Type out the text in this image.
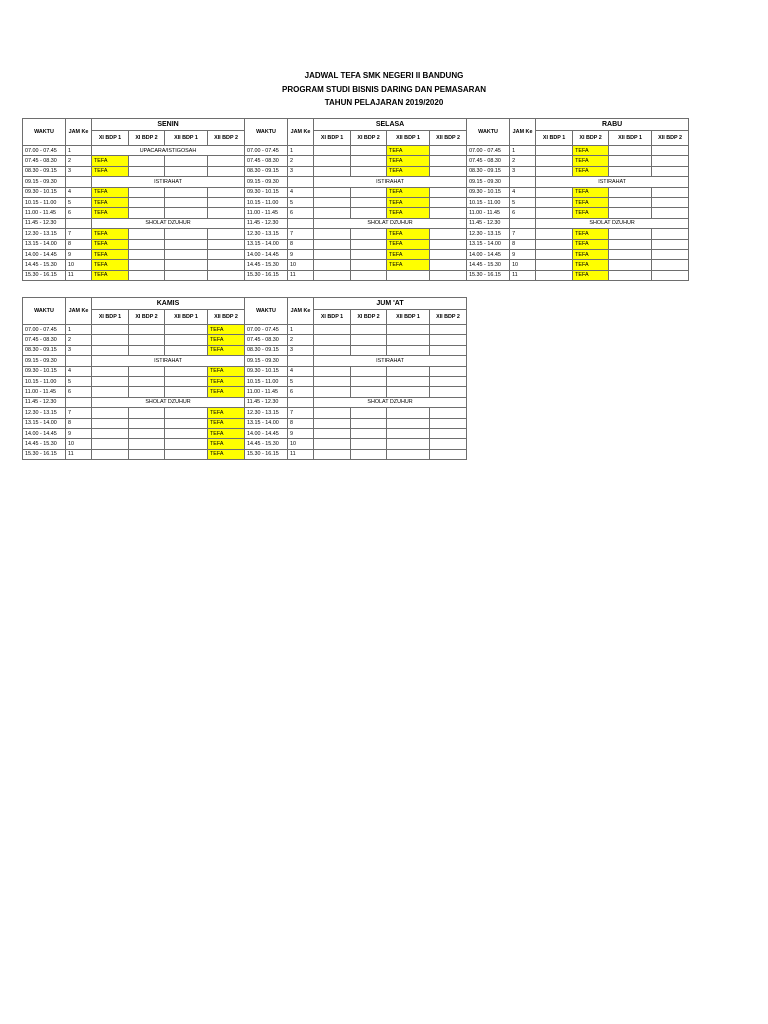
JADWAL TEFA SMK NEGERI II BANDUNG
PROGRAM STUDI BISNIS DARING DAN PEMASARAN
TAHUN PELAJARAN 2019/2020
WAKTU	JAM Ke	SENIN				WAKTU	JAM Ke	SELASA				WAKTU	JAM Ke	RABU			
		XI BDP 1	XI BDP 2	XII BDP 1	XII BDP 2			XI BDP 1	XI BDP 2	XII BDP 1	XII BDP 2			XI BDP 1	XI BDP 2	XII BDP 1	XII BDP 2
07.00 - 07.45	1	UPACARA/ISTIGOSAH				07.00 - 07.45	1			TEFA		07.00 - 07.45	1		TEFA		
07.45 - 08.30	2	TEFA				07.45 - 08.30	2			TEFA		07.45 - 08.30	2		TEFA		
08.30 - 09.15	3	TEFA				08.30 - 09.15	3			TEFA		08.30 - 09.15	3		TEFA		
09.15 - 09.30		ISTIRAHAT				09.15 - 09.30		ISTIRAHAT				09.15 - 09.30		ISTIRAHAT			
09.30 - 10.15	4	TEFA				09.30 - 10.15	4			TEFA		09.30 - 10.15	4		TEFA		
10.15 - 11.00	5	TEFA				10.15 - 11.00	5			TEFA		10.15 - 11.00	5		TEFA		
11.00 - 11.45	6	TEFA				11.00 - 11.45	6			TEFA		11.00 - 11.45	6		TEFA		
11.45 - 12.30		SHOLAT DZUHUR				11.45 - 12.30		SHOLAT DZUHUR				11.45 - 12.30		SHOLAT DZUHUR			
12.30 - 13.15	7	TEFA				12.30 - 13.15	7			TEFA		12.30 - 13.15	7		TEFA		
13.15 - 14.00	8	TEFA				13.15 - 14.00	8			TEFA		13.15 - 14.00	8		TEFA		
14.00 - 14.45	9	TEFA				14.00 - 14.45	9			TEFA		14.00 - 14.45	9		TEFA		
14.45 - 15.30	10	TEFA				14.45 - 15.30	10			TEFA		14.45 - 15.30	10		TEFA		
15.30 - 16.15	11	TEFA				15.30 - 16.15	11					15.30 - 16.15	11		TEFA		
WAKTU	JAM Ke	KAMIS				WAKTU	JAM Ke	JUM 'AT			
		XI BDP 1	XI BDP 2	XII BDP 1	XII BDP 2			XI BDP 1	XI BDP 2	XII BDP 1	XII BDP 2
07.00 - 07.45	1				TEFA	07.00 - 07.45	1				
07.45 - 08.30	2				TEFA	07.45 - 08.30	2				
08.30 - 09.15	3				TEFA	08.30 - 09.15	3				
09.15 - 09.30		ISTIRAHAT				09.15 - 09.30		ISTIRAHAT			
09.30 - 10.15	4				TEFA	09.30 - 10.15	4				
10.15 - 11.00	5				TEFA	10.15 - 11.00	5				
11.00 - 11.45	6				TEFA	11.00 - 11.45	6				
11.45 - 12.30		SHOLAT DZUHUR				11.45 - 12.30		SHOLAT DZUHUR			
12.30 - 13.15	7				TEFA	12.30 - 13.15	7				
13.15 - 14.00	8				TEFA	13.15 - 14.00	8				
14.00 - 14.45	9				TEFA	14.00 - 14.45	9				
14.45 - 15.30	10				TEFA	14.45 - 15.30	10				
15.30 - 16.15	11				TEFA	15.30 - 16.15	11				
